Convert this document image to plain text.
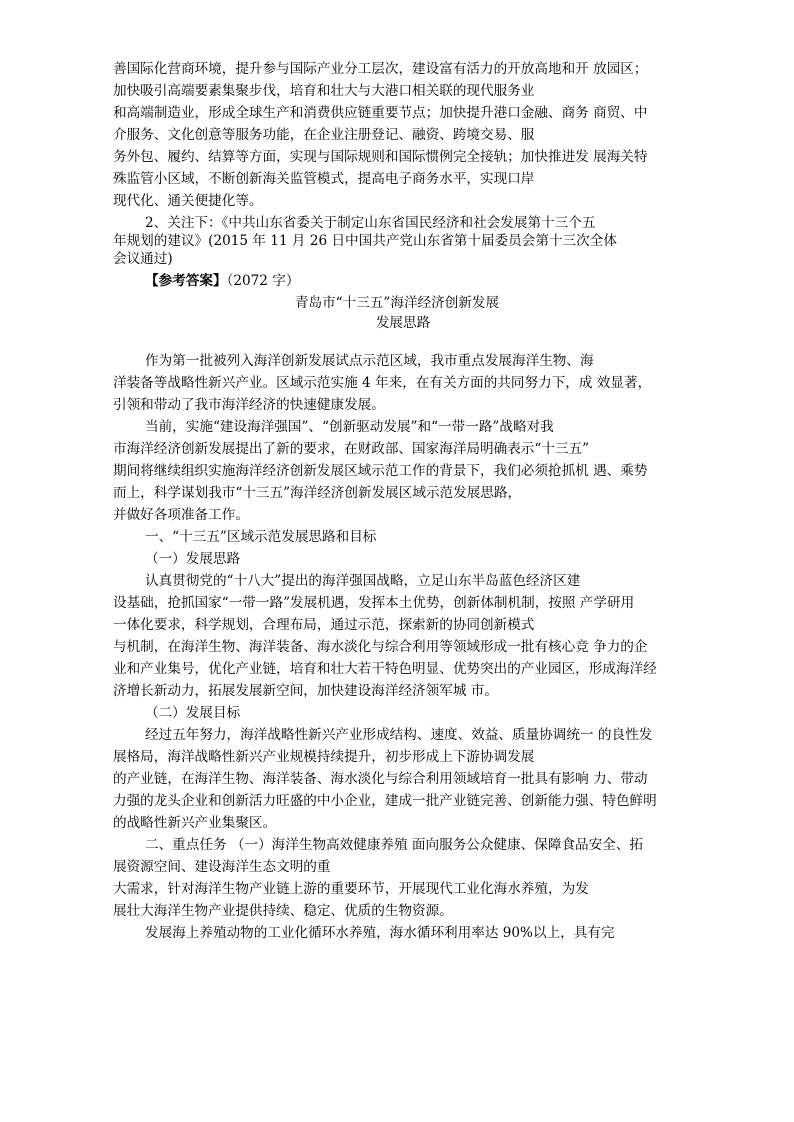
善国际化营商环境，提升参与国际产业分工层次，建设富有活力的开放高地和开 放园区；
加快吸引高端要素集聚步伐，培育和壮大与大港口相关联的现代服务业
和高端制造业，形成全球生产和消费供应链重要节点；加快提升港口金融、商务 商贸、中
介服务、文化创意等服务功能，在企业注册登记、融资、跨境交易、服
务外包、履约、结算等方面，实现与国际规则和国际惯例完全接轨；加快推进发 展海关特
殊监管小区域，不断创新海关监管模式，提高电子商务水平，实现口岸
现代化、通关便捷化等。
2、关注下：《中共山东省委关于制定山东省国民经济和社会发展第十三个五
年规划的建议》(2015 年 11 月 26 日中国共产党山东省第十届委员会第十三次全体
会议通过)
【参考答案】（2072 字）
青岛市“十三五”海洋经济创新发展
发展思路
作为第一批被列入海洋创新发展试点示范区域，我市重点发展海洋生物、海
洋装备等战略性新兴产业。区域示范实施 4 年来，在有关方面的共同努力下，成 效显著，
引领和带动了我市海洋经济的快速健康发展。
当前，实施“建设海洋强国”、“创新驱动发展”和“一带一路”战略对我
市海洋经济创新发展提出了新的要求，在财政部、国家海洋局明确表示“十三五”
期间将继续组织实施海洋经济创新发展区域示范工作的背景下，我们必须抢抓机 遇、乘势
而上，科学谋划我市“十三五”海洋经济创新发展区域示范发展思路，
并做好各项准备工作。
一、“十三五”区域示范发展思路和目标
（一）发展思路
认真贯彻党的“十八大”提出的海洋强国战略，立足山东半岛蓝色经济区建
设基础，抢抓国家“一带一路”发展机遇，发挥本土优势，创新体制机制，按照 产学研用
一体化要求，科学规划，合理布局，通过示范，探索新的协同创新模式
与机制，在海洋生物、海洋装备、海水淡化与综合利用等领域形成一批有核心竞 争力的企
业和产业集号，优化产业链，培育和壮大若干特色明显、优势突出的产业园区，形成海洋经
济增长新动力，拓展发展新空间，加快建设海洋经济领军城 市。
（二）发展目标
经过五年努力，海洋战略性新兴产业形成结构、速度、效益、质量协调统一 的良性发
展格局，海洋战略性新兴产业规模持续提升，初步形成上下游协调发展
的产业链，在海洋生物、海洋装备、海水淡化与综合利用领域培育一批具有影响 力、带动
力强的龙头企业和创新活力旺盛的中小企业，建成一批产业链完善、创新能力强、特色鲜明
的战略性新兴产业集聚区。
二、重点任务 （一）海洋生物高效健康养殖 面向服务公众健康、保障食品安全、拓
展资源空间、建设海洋生态文明的重
大需求，针对海洋生物产业链上游的重要环节，开展现代工业化海水养殖，为发
展壮大海洋生物产业提供持续、稳定、优质的生物资源。
发展海上养殖动物的工业化循环水养殖，海水循环利用率达 90%以上，具有完
